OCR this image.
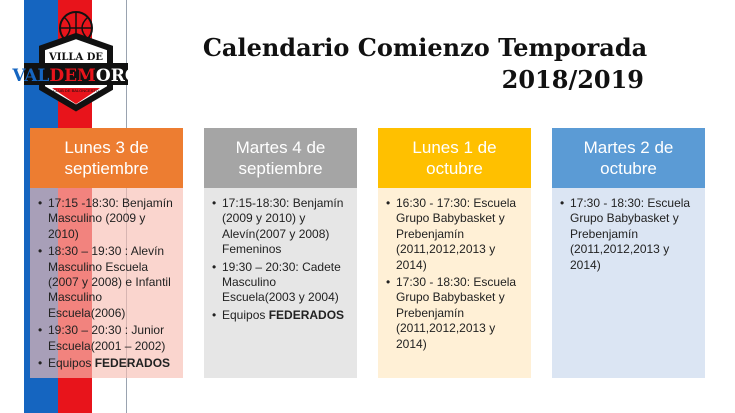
VILLA DE
VALDEMORO
CLUB DE BALONCESTO
Calendario Comienzo Temporada
2018/2019
Lunes 3 de septiembre
• 17:15 -18:30: Benjamín Masculino (2009 y 2010)
• 18:30 – 19:30 : Alevín Masculino Escuela (2007 y 2008) e Infantil Masculino Escuela(2006)
• 19:30 – 20:30 : Junior Escuela(2001 – 2002)
• Equipos FEDERADOS
Martes 4 de septiembre
• 17:15-18:30: Benjamín (2009 y 2010) y Alevín(2007 y 2008) Femeninos
• 19:30 – 20:30: Cadete Masculino Escuela(2003 y 2004)
• Equipos FEDERADOS
Lunes 1 de octubre
• 16:30 - 17:30: Escuela Grupo Babybasket y Prebenjamín (2011,2012,2013 y 2014)
• 17:30 - 18:30: Escuela Grupo Babybasket y Prebenjamín (2011,2012,2013 y 2014)
Martes 2 de octubre
• 17:30 - 18:30: Escuela Grupo Babybasket y Prebenjamín (2011,2012,2013 y 2014)
